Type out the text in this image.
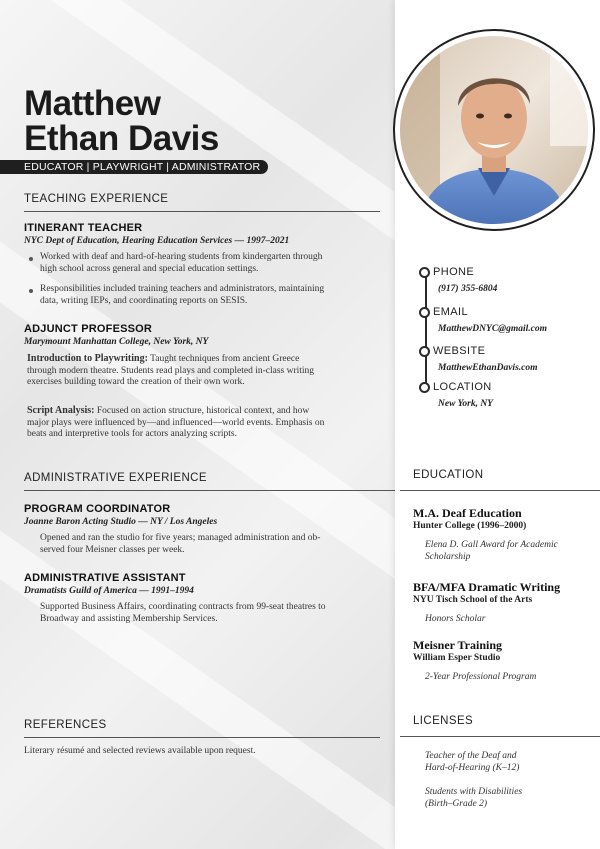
Matthew
Ethan Davis
EDUCATOR | PLAYWRIGHT | ADMINISTRATOR
TEACHING EXPERIENCE
ITINERANT TEACHER
NYC Dept of Education, Hearing Education Services — 1997–2021
Worked with deaf and hard-of-hearing students from kindergarten through
high school across general and special education settings.
Responsibilities included training teachers and administrators, maintaining
data, writing IEPs, and coordinating reports on SESIS.
ADJUNCT PROFESSOR
Marymount Manhattan College, New York, NY
Introduction to Playwriting: Taught techniques from ancient Greece
through modern theatre. Students read plays and completed in-class writing
exercises building toward the creation of their own work.
Script Analysis: Focused on action structure, historical context, and how
major plays were influenced by—and influenced—world events. Emphasis on
beats and interpretive tools for actors analyzing scripts.
ADMINISTRATIVE EXPERIENCE
PROGRAM COORDINATOR
Joanne Baron Acting Studio — NY / Los Angeles
Opened and ran the studio for five years; managed administration and ob-
served four Meisner classes per week.
ADMINISTRATIVE ASSISTANT
Dramatists Guild of America — 1991–1994
Supported Business Affairs, coordinating contracts from 99-seat theatres to
Broadway and assisting Membership Services.
REFERENCES
Literary résumé and selected reviews available upon request.
PHONE
(917) 355-6804
EMAIL
MatthewDNYC@gmail.com
WEBSITE
MatthewEthanDavis.com
LOCATION
New York, NY
EDUCATION
M.A. Deaf Education
Hunter College (1996–2000)
Elena D. Gall Award for Academic
Scholarship
BFA/MFA Dramatic Writing
NYU Tisch School of the Arts
Honors Scholar
Meisner Training
William Esper Studio
2-Year Professional Program
LICENSES
Teacher of the Deaf and
Hard-of-Hearing (K–12)
Students with Disabilities
(Birth–Grade 2)
